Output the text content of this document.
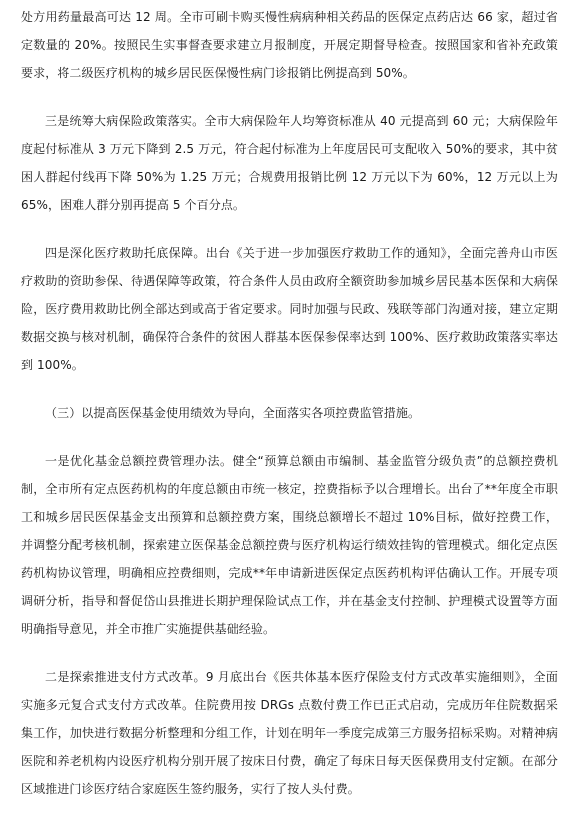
处方用药量最高可达 12 周。全市可刷卡购买慢性病病种相关药品的医保定点药店达 66 家，超过省定数量的 20%。按照民生实事督查要求建立月报制度，开展定期督导检查。按照国家和省补充政策要求，将二级医疗机构的城乡居民医保慢性病门诊报销比例提高到 50%。

三是统筹大病保险政策落实。全市大病保险年人均筹资标准从 40 元提高到 60 元；大病保险年度起付标准从 3 万元下降到 2.5 万元，符合起付标准为上年度居民可支配收入 50%的要求，其中贫困人群起付线再下降 50%为 1.25 万元；合规费用报销比例 12 万元以下为 60%，12 万元以上为 65%，困难人群分别再提高 5 个百分点。

四是深化医疗救助托底保障。出台《关于进一步加强医疗救助工作的通知》，全面完善舟山市医疗救助的资助参保、待遇保障等政策，符合条件人员由政府全额资助参加城乡居民基本医保和大病保险，医疗费用救助比例全部达到或高于省定要求。同时加强与民政、残联等部门沟通对接，建立定期数据交换与核对机制，确保符合条件的贫困人群基本医保参保率达到 100%、医疗救助政策落实率达到 100%。

（三）以提高医保基金使用绩效为导向，全面落实各项控费监管措施。

一是优化基金总额控费管理办法。健全“预算总额由市编制、基金监管分级负责”的总额控费机制，全市所有定点医药机构的年度总额由市统一核定，控费指标予以合理增长。出台了**年度全市职工和城乡居民医保基金支出预算和总额控费方案，围绕总额增长不超过 10%目标，做好控费工作，并调整分配考核机制，探索建立医保基金总额控费与医疗机构运行绩效挂钩的管理模式。细化定点医药机构协议管理，明确相应控费细则，完成**年申请新进医保定点医药机构评估确认工作。开展专项调研分析，指导和督促岱山县推进长期护理保险试点工作，并在基金支付控制、护理模式设置等方面明确指导意见，并全市推广实施提供基础经验。

二是探索推进支付方式改革。9 月底出台《医共体基本医疗保险支付方式改革实施细则》，全面实施多元复合式支付方式改革。住院费用按 DRGs 点数付费工作已正式启动，完成历年住院数据采集工作，加快进行数据分析整理和分组工作，计划在明年一季度完成第三方服务招标采购。对精神病医院和养老机构内设医疗机构分别开展了按床日付费，确定了每床日每天医保费用支付定额。在部分区域推进门诊医疗结合家庭医生签约服务，实行了按人头付费。
